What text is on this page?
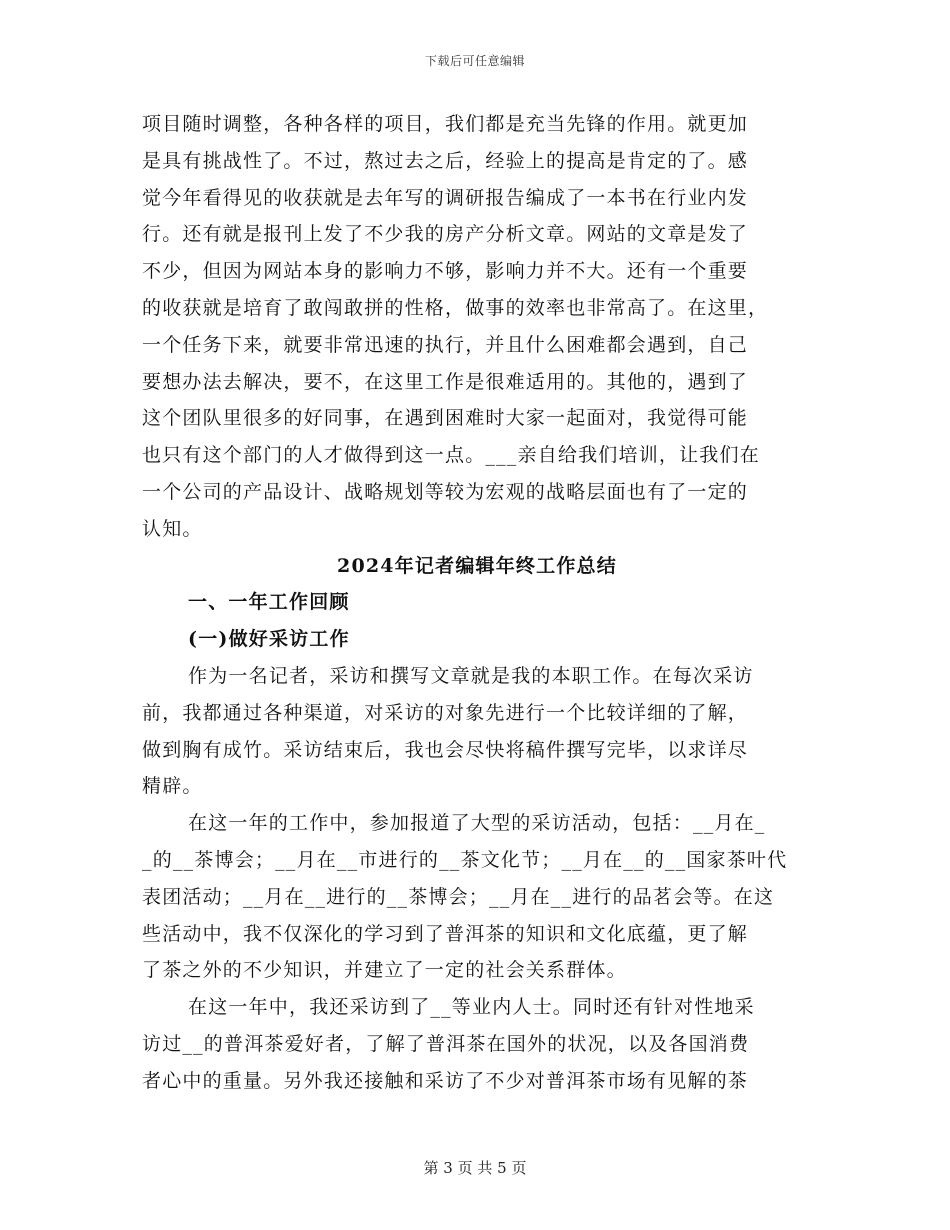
下载后可任意编辑

项目随时调整，各种各样的项目，我们都是充当先锋的作用。就更加

是具有挑战性了。不过，熬过去之后，经验上的提高是肯定的了。感

觉今年看得见的收获就是去年写的调研报告编成了一本书在行业内发

行。还有就是报刊上发了不少我的房产分析文章。网站的文章是发了

不少，但因为网站本身的影响力不够，影响力并不大。还有一个重要

的收获就是培育了敢闯敢拼的性格，做事的效率也非常高了。在这里，

一个任务下来，就要非常迅速的执行，并且什么困难都会遇到，自己

要想办法去解决，要不，在这里工作是很难适用的。其他的，遇到了

这个团队里很多的好同事，在遇到困难时大家一起面对，我觉得可能

也只有这个部门的人才做得到这一点。___亲自给我们培训，让我们在

一个公司的产品设计、战略规划等较为宏观的战略层面也有了一定的

认知。

2024年记者编辑年终工作总结

一、一年工作回顾

(一)做好采访工作

作为一名记者，采访和撰写文章就是我的本职工作。在每次采访

前，我都通过各种渠道，对采访的对象先进行一个比较详细的了解，

做到胸有成竹。采访结束后，我也会尽快将稿件撰写完毕，以求详尽

精辟。

在这一年的工作中，参加报道了大型的采访活动，包括：__月在_

_的__茶博会；__月在__市进行的__茶文化节；__月在__的__国家茶叶代

表团活动；__月在__进行的__茶博会；__月在__进行的品茗会等。在这

些活动中，我不仅深化的学习到了普洱茶的知识和文化底蕴，更了解

了茶之外的不少知识，并建立了一定的社会关系群体。

在这一年中，我还采访到了__等业内人士。同时还有针对性地采

访过__的普洱茶爱好者，了解了普洱茶在国外的状况，以及各国消费

者心中的重量。另外我还接触和采访了不少对普洱茶市场有见解的茶

第 3 页 共 5 页
